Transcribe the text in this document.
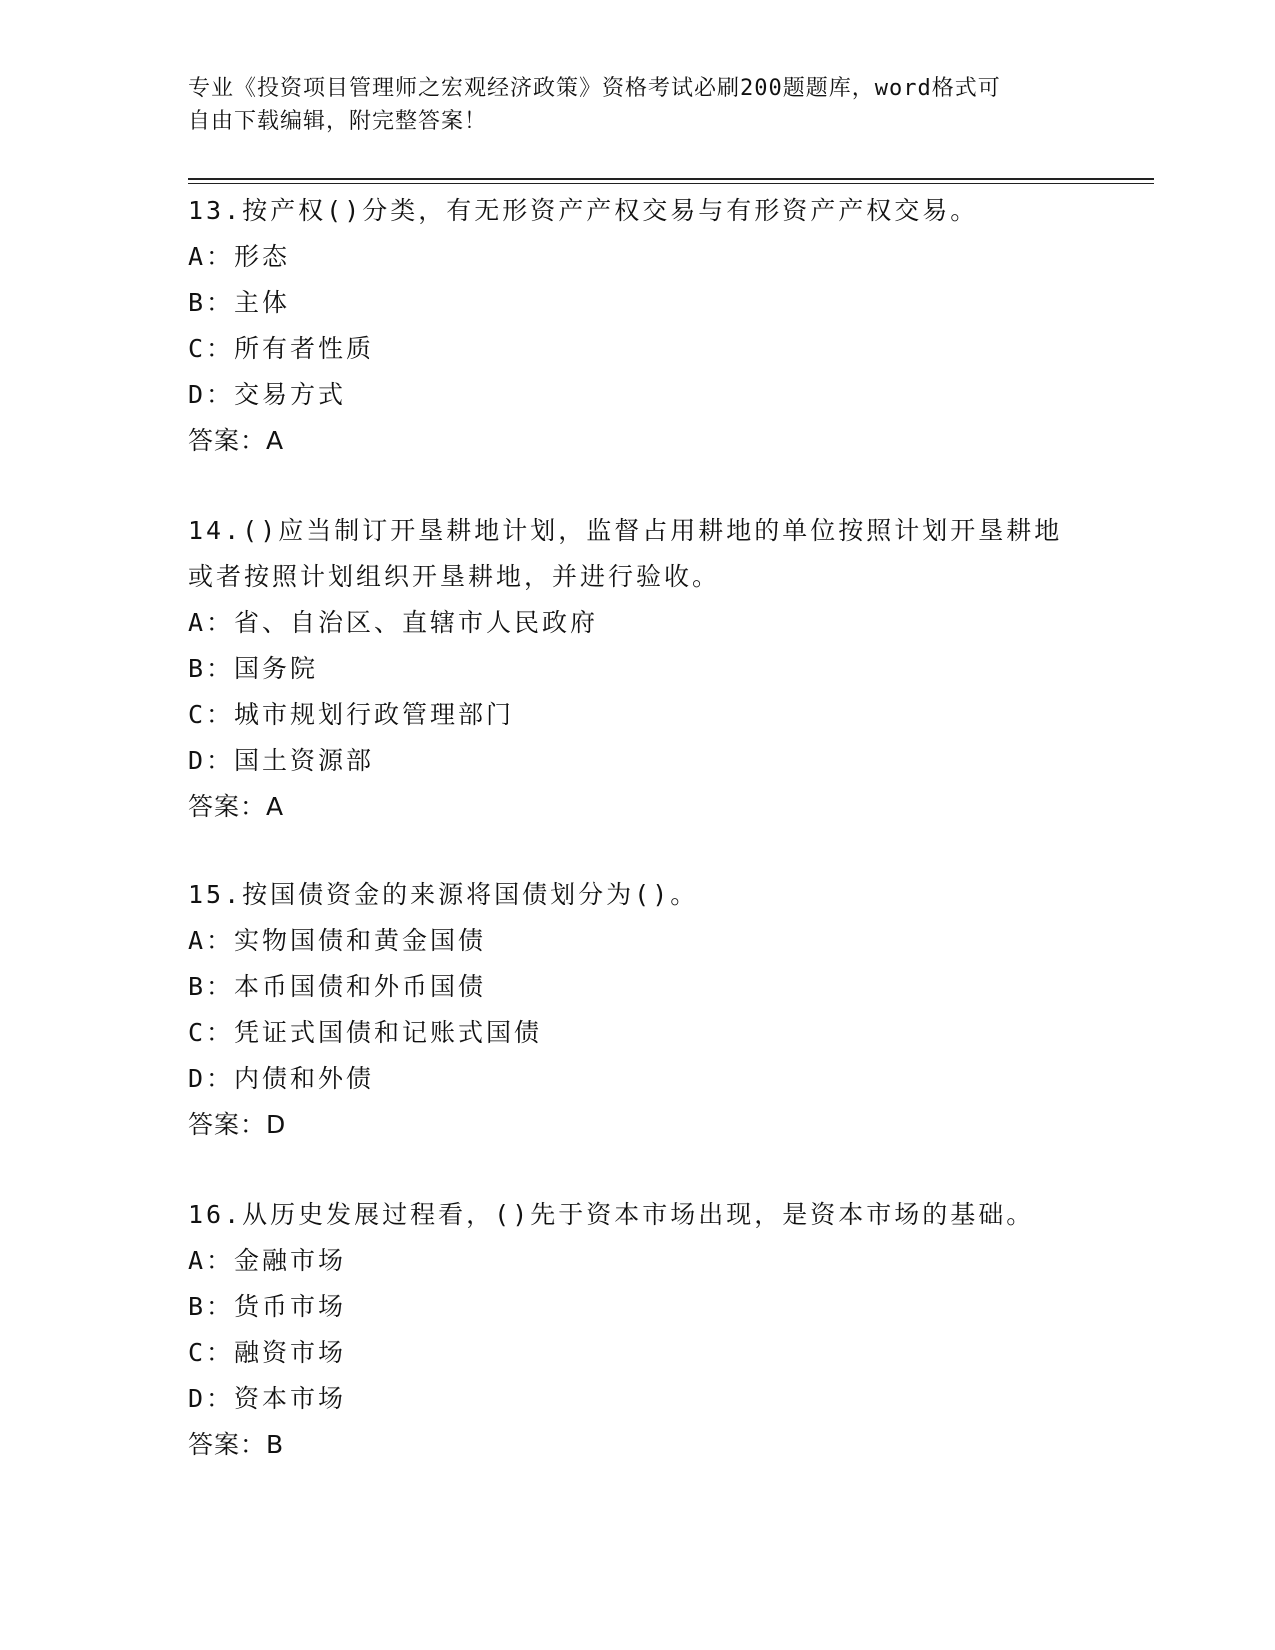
专业《投资项目管理师之宏观经济政策》资格考试必刷200题题库，word格式可
自由下载编辑，附完整答案！
13.按产权()分类，有无形资产产权交易与有形资产产权交易。
A：形态
B：主体
C：所有者性质
D：交易方式
答案：A
14.()应当制订开垦耕地计划，监督占用耕地的单位按照计划开垦耕地
或者按照计划组织开垦耕地，并进行验收。
A：省、自治区、直辖市人民政府
B：国务院
C：城市规划行政管理部门
D：国土资源部
答案：A
15.按国债资金的来源将国债划分为()。
A：实物国债和黄金国债
B：本币国债和外币国债
C：凭证式国债和记账式国债
D：内债和外债
答案：D
16.从历史发展过程看，()先于资本市场出现，是资本市场的基础。
A：金融市场
B：货币市场
C：融资市场
D：资本市场
答案：B
